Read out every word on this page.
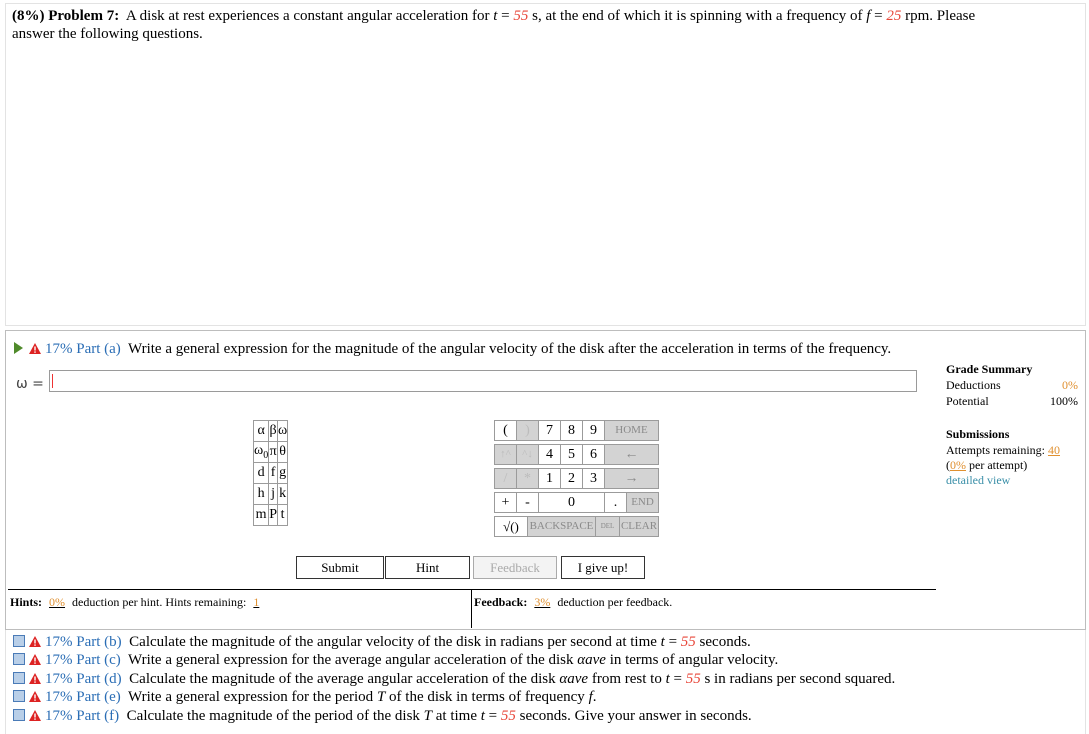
(8%) Problem 7: A disk at rest experiences a constant angular acceleration for t = 55 s, at the end of which it is spinning with a frequency of f = 25 rpm. Please
answer the following questions.
17% Part (a) Write a general expression for the magnitude of the angular velocity of the disk after the acceleration in terms of the frequency.
ω =
α	β	ω
$\omega_0$	π	θ
d	f	g
h	j	k
m	P	t
(	)	7	8	9	HOME
↑^	^↓ 4	5	6	←
/	*	1	2	3	→
+	-	0	.	END
√() BACKSPACE	DEL CLEAR
Submit	Hint	Feedback	I give up!
Hints: 0% deduction per hint. Hints remaining: 1	Feedback: 3% deduction per feedback.
Grade Summary
Deductions	0%
Potential	100%
Submissions
Attempts remaining: 40
(0% per attempt)
detailed view
17% Part (b) Calculate the magnitude of the angular velocity of the disk in radians per second at time t = 55 seconds.
17% Part (c) Write a general expression for the average angular acceleration of the disk αave in terms of angular velocity.
17% Part (d) Calculate the magnitude of the average angular acceleration of the disk αave from rest to t = 55 s in radians per second squared.
17% Part (e) Write a general expression for the period T of the disk in terms of frequency f.
17% Part (f) Calculate the magnitude of the period of the disk T at time t = 55 seconds. Give your answer in seconds.
